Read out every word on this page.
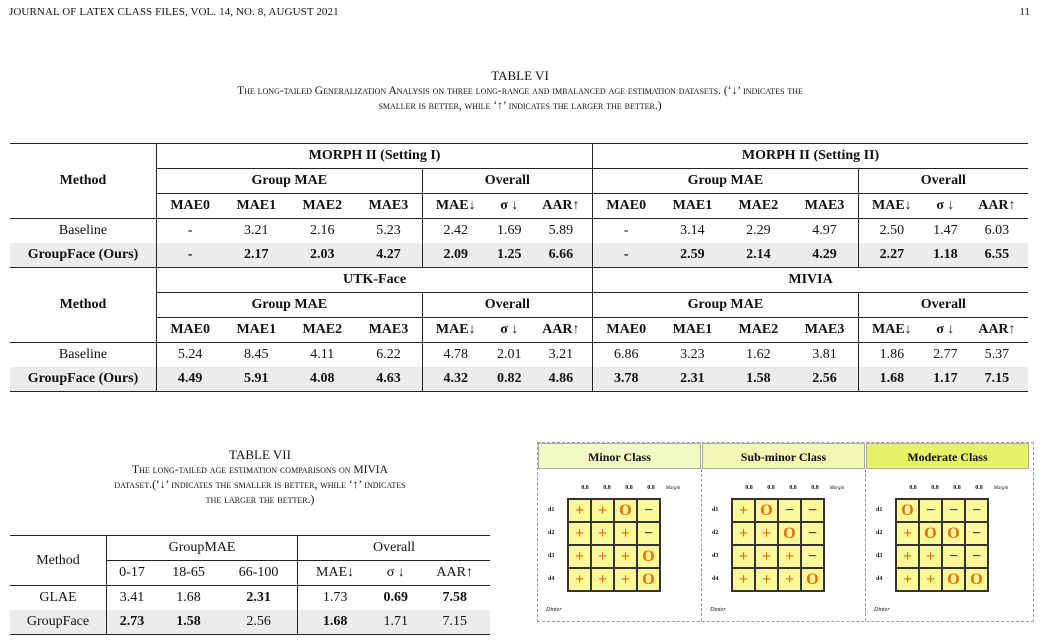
JOURNAL OF LATEX CLASS FILES, VOL. 14, NO. 8, AUGUST 2021	11
TABLE VI
The long-tailed Generalization Analysis on three long-range and imbalanced age estimation datasets. (‘↓’ indicates the
smaller is better, while ‘↑’ indicates the larger the better.)
Method	MORPH II (Setting I)							MORPH II (Setting II)						
	Group MAE				Overall			Group MAE				Overall		
	MAE0	MAE1	MAE2	MAE3	MAE↓	σ ↓	AAR↑	MAE0	MAE1	MAE2	MAE3	MAE↓	σ ↓	AAR↑
Baseline	-	3.21	2.16	5.23	2.42	1.69	5.89	-	3.14	2.29	4.97	2.50	1.47	6.03
GroupFace (Ours)	-	2.17	2.03	4.27	2.09	1.25	6.66	-	2.59	2.14	4.29	2.27	1.18	6.55
Method	UTK-Face							MIVIA						
	Group MAE				Overall			Group MAE				Overall		
	MAE0	MAE1	MAE2	MAE3	MAE↓	σ ↓	AAR↑	MAE0	MAE1	MAE2	MAE3	MAE↓	σ ↓	AAR↑
Baseline	5.24	8.45	4.11	6.22	4.78	2.01	3.21	6.86	3.23	1.62	3.81	1.86	2.77	5.37
GroupFace (Ours)	4.49	5.91	4.08	4.63	4.32	0.82	4.86	3.78	2.31	1.58	2.56	1.68	1.17	7.15
TABLE VII
The long-tailed age estimation comparisons on MIVIA
dataset.(‘↓’ indicates the smaller is better, while ‘↑’ indicates
the larger the better.)
Method	GroupMAE			Overall		
	0-17	18-65	66-100	MAE↓	σ ↓	AAR↑
GLAE	3.41	1.68	2.31	1.73	0.69	7.58
GroupFace	2.73	1.58	2.56	1.68	1.71	7.15
Minor Class
0.8 0.8 0.8 0.8 Margin
d1
d2
d3
d4
+ + O −
+ + + −
+ + + O
+ + + O
Dinter
Sub-minor Class
0.8 0.8 0.8 0.8 Margin
d1
d2
d3
d4
+ O − −
+ + O −
+ + + −
+ + + O
Dinter
Moderate Class
0.8 0.8 0.8 0.8 Margin
d1
d2
d3
d4
O − − −
+ O O −
+ + − −
+ + O O
Dinter
